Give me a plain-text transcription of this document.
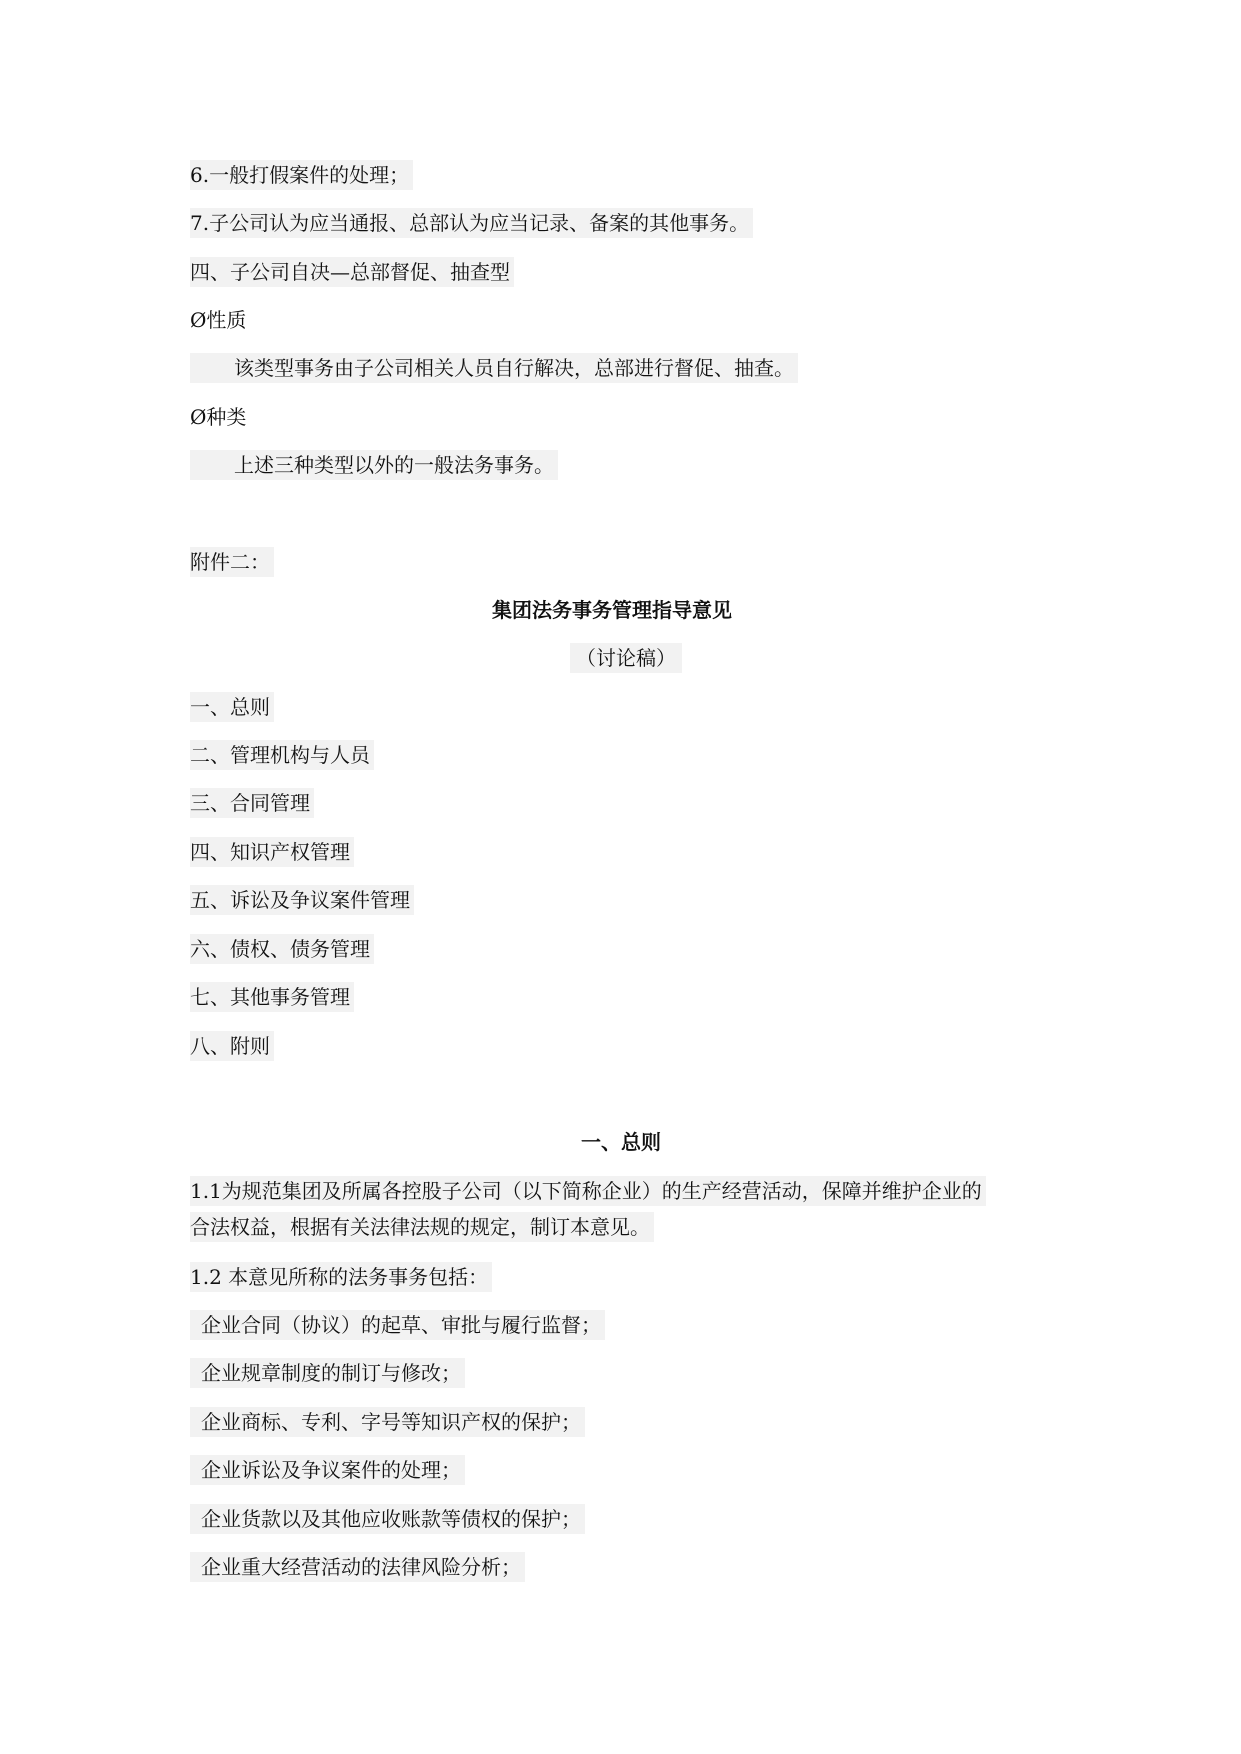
6.一般打假案件的处理；
7.子公司认为应当通报、总部认为应当记录、备案的其他事务。
四、子公司自决—总部督促、抽查型
Ø性质
该类型事务由子公司相关人员自行解决，总部进行督促、抽查。
Ø种类
上述三种类型以外的一般法务事务。
附件二：
集团法务事务管理指导意见
（讨论稿）
一、总则
二、管理机构与人员
三、合同管理
四、知识产权管理
五、诉讼及争议案件管理
六、债权、债务管理
七、其他事务管理
八、附则
一、总则
1.1为规范集团及所属各控股子公司（以下简称企业）的生产经营活动，保障并维护企业的
合法权益，根据有关法律法规的规定，制订本意见。
1.2 本意见所称的法务事务包括：
企业合同（协议）的起草、审批与履行监督；
企业规章制度的制订与修改；
企业商标、专利、字号等知识产权的保护；
企业诉讼及争议案件的处理；
企业货款以及其他应收账款等债权的保护；
企业重大经营活动的法律风险分析；
